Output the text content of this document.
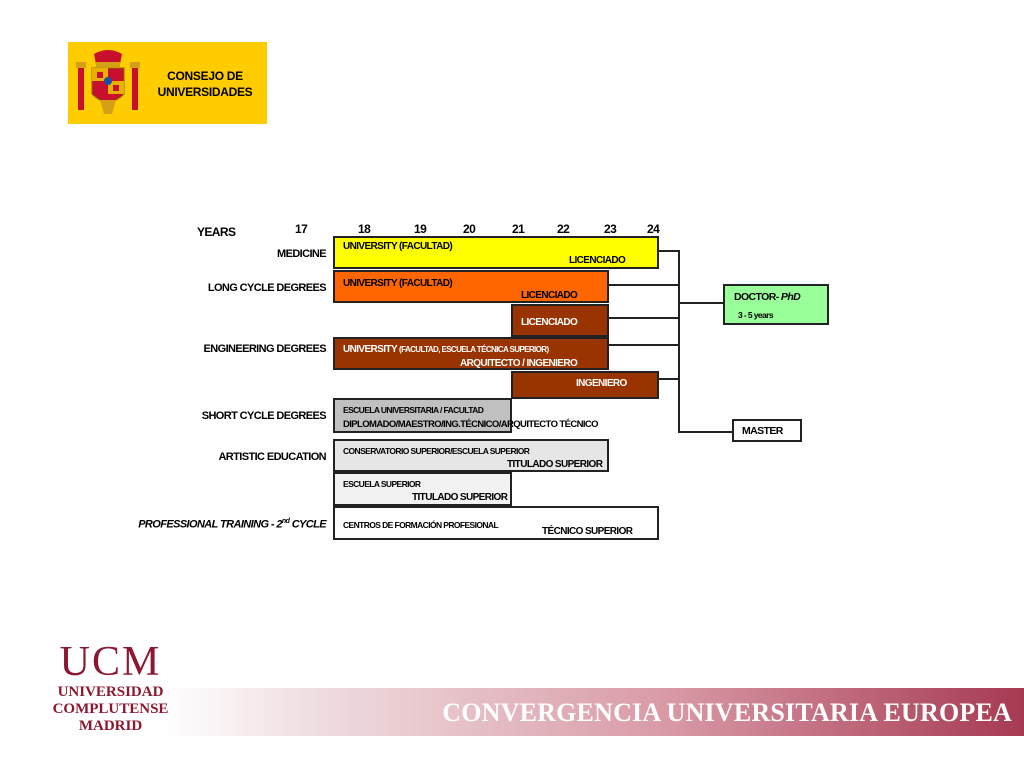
CONSEJO DE
UNIVERSIDADES
YEARS	17	18	19	20	21	22	23	24
MEDICINE
LONG CYCLE DEGREES
ENGINEERING DEGREES
SHORT CYCLE DEGREES
ARTISTIC EDUCATION
PROFESSIONAL TRAINING - 2nd CYCLE
UNIVERSITY (FACULTAD)
LICENCIADO
UNIVERSITY (FACULTAD)
LICENCIADO
LICENCIADO
UNIVERSITY (FACULTAD, ESCUELA TÉCNICA SUPERIOR)
ARQUITECTO / INGENIERO
INGENIERO
ESCUELA UNIVERSITARIA / FACULTAD
DIPLOMADO/MAESTRO/ING.TÉCNICO/ARQUITECTO TÉCNICO
CONSERVATORIO SUPERIOR/ESCUELA SUPERIOR
TITULADO SUPERIOR
ESCUELA SUPERIOR
TITULADO SUPERIOR
CENTROS DE FORMACIÓN PROFESIONAL
TÉCNICO SUPERIOR
DOCTOR- PhD
3 - 5 years
MASTER
UCM
UNIVERSIDAD
COMPLUTENSE
MADRID	CONVERGENCIA UNIVERSITARIA EUROPEA
